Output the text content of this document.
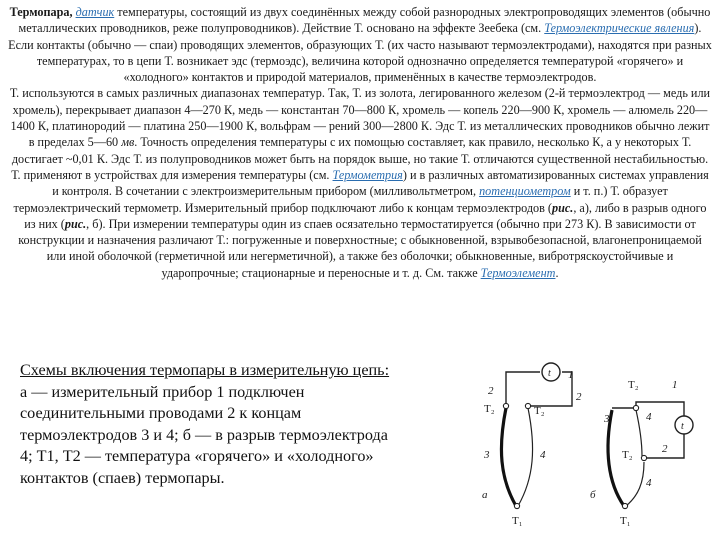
Термопара, датчик температуры, состоящий из двух соединённых между собой разнородных электропроводящих элементов (обычно металлических проводников, реже полупроводников). Действие Т. основано на эффекте Зеебека (см. Термоэлектрические явления). Если контакты (обычно — спаи) проводящих элементов, образующих Т. (их часто называют термоэлектродами), находятся при разных температурах, то в цепи Т. возникает эдс (термоэдс), величина которой однозначно определяется температурой «горячего» и «холодного» контактов и природой материалов, применённых в качестве термоэлектродов.

Т. используются в самых различных диапазонах температур. Так, Т. из золота, легированного железом (2-й термоэлектрод — медь или хромель), перекрывает диапазон 4—270 К, медь — константан 70—800 К, хромель — копель 220—900 К, хромель — алюмель 220—1400 К, платинородий — платина 250—1900 К, вольфрам — рений 300—2800 К. Эдс Т. из металлических проводников обычно лежит в пределах 5—60 мв. Точность определения температуры с их помощью составляет, как правило, несколько К, а у некоторых Т. достигает ~0,01 К. Эдс Т. из полупроводников может быть на порядок выше, но такие Т. отличаются существенной нестабильностью.

Т. применяют в устройствах для измерения температуры (см. Термометрия) и в различных автоматизированных системах управления и контроля. В сочетании с электроизмерительным прибором (милливольтметром, потенциометром и т. п.) Т. образует термоэлектрический термометр. Измерительный прибор подключают либо к концам термоэлектродов (рис., а), либо в разрыв одного из них (рис., б). При измерении температуры один из спаев осязательно термостатируется (обычно при 273 К). В зависимости от конструкции и назначения различают Т.: погруженные и поверхностные; с обыкновенной, взрывобезопасной, влагонепроницаемой или иной оболочкой (герметичной или негерметичной), а также без оболочки; обыкновенные, вибротряскоустойчивые и ударопрочные; стационарные и переносные и т. д. См. также Термоэлемент.

Схемы включения термопары в измерительную цепь:

а — измерительный прибор 1 подключен соединительными проводами 2 к концам термоэлектродов 3 и 4; б — в разрыв термоэлектрода 4; Т1, Т2 — температура «горячего» и «холодного» контактов (спаев) термопары.

t
T₂	T₂
T₁
1
2	2
3	4
а
t
T₂
T₂
T₁
1
2
3	4
4
б
